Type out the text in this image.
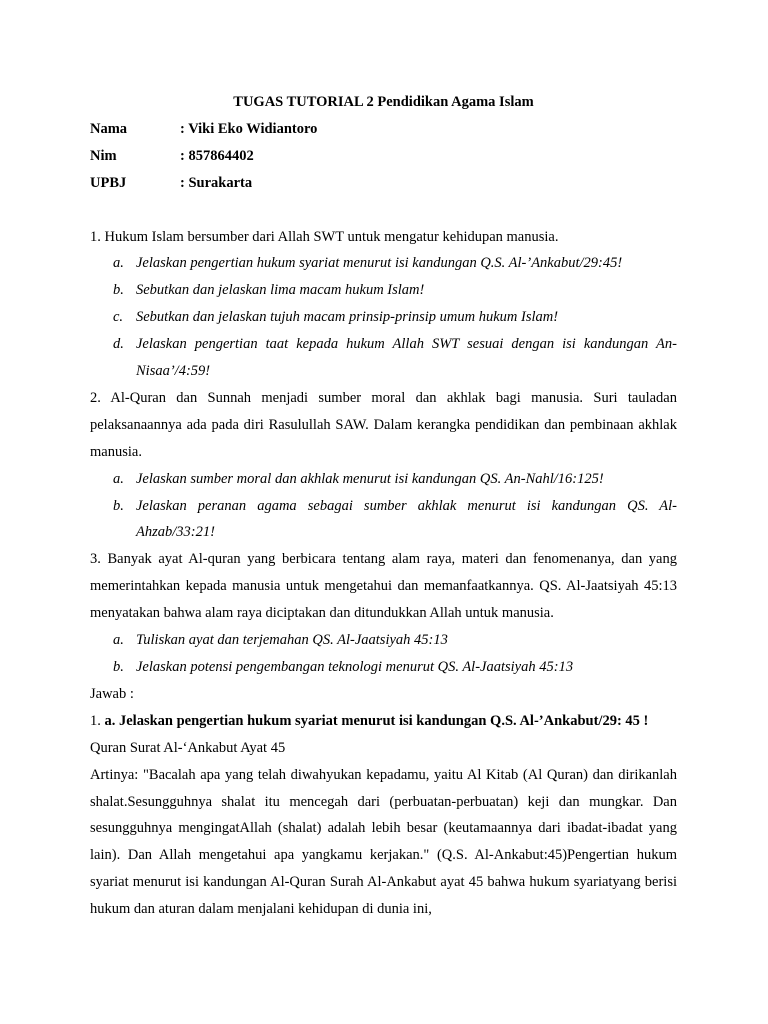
TUGAS TUTORIAL 2 Pendidikan Agama Islam
Nama	: Viki Eko Widiantoro
Nim	: 857864402
UPBJ	: Surakarta
1. Hukum Islam bersumber dari Allah SWT untuk mengatur kehidupan manusia.
a. Jelaskan pengertian hukum syariat menurut isi kandungan Q.S. Al-’Ankabut/29:45!
b. Sebutkan dan jelaskan lima macam hukum Islam!
c. Sebutkan dan jelaskan tujuh macam prinsip-prinsip umum hukum Islam!
d. Jelaskan pengertian taat kepada hukum Allah SWT sesuai dengan isi kandungan An-Nisaa’/4:59!
2. Al-Quran dan Sunnah menjadi sumber moral dan akhlak bagi manusia. Suri tauladan pelaksanaannya ada pada diri Rasulullah SAW. Dalam kerangka pendidikan dan pembinaan akhlak manusia.
a. Jelaskan sumber moral dan akhlak menurut isi kandungan QS. An-Nahl/16:125!
b. Jelaskan peranan agama sebagai sumber akhlak menurut isi kandungan QS. Al-Ahzab/33:21!
3. Banyak ayat Al-quran yang berbicara tentang alam raya, materi dan fenomenanya, dan yang memerintahkan kepada manusia untuk mengetahui dan memanfaatkannya. QS. Al-Jaatsiyah 45:13 menyatakan bahwa alam raya diciptakan dan ditundukkan Allah untuk manusia.
a. Tuliskan ayat dan terjemahan QS. Al-Jaatsiyah 45:13
b. Jelaskan potensi pengembangan teknologi menurut QS. Al-Jaatsiyah 45:13
Jawab :
1. a. Jelaskan pengertian hukum syariat menurut isi kandungan Q.S. Al-’Ankabut/29: 45 !
Quran Surat Al-‘Ankabut Ayat 45
Artinya: "Bacalah apa yang telah diwahyukan kepadamu, yaitu Al Kitab (Al Quran) dan dirikanlah shalat.Sesungguhnya shalat itu mencegah dari (perbuatan-perbuatan) keji dan mungkar. Dan sesungguhnya mengingatAllah (shalat) adalah lebih besar (keutamaannya dari ibadat-ibadat yang lain). Dan Allah mengetahui apa yangkamu kerjakan." (Q.S. Al-Ankabut:45)Pengertian hukum syariat menurut isi kandungan Al-Quran Surah Al-Ankabut ayat 45 bahwa hukum syariatyang berisi hukum dan aturan dalam menjalani kehidupan di dunia ini,
